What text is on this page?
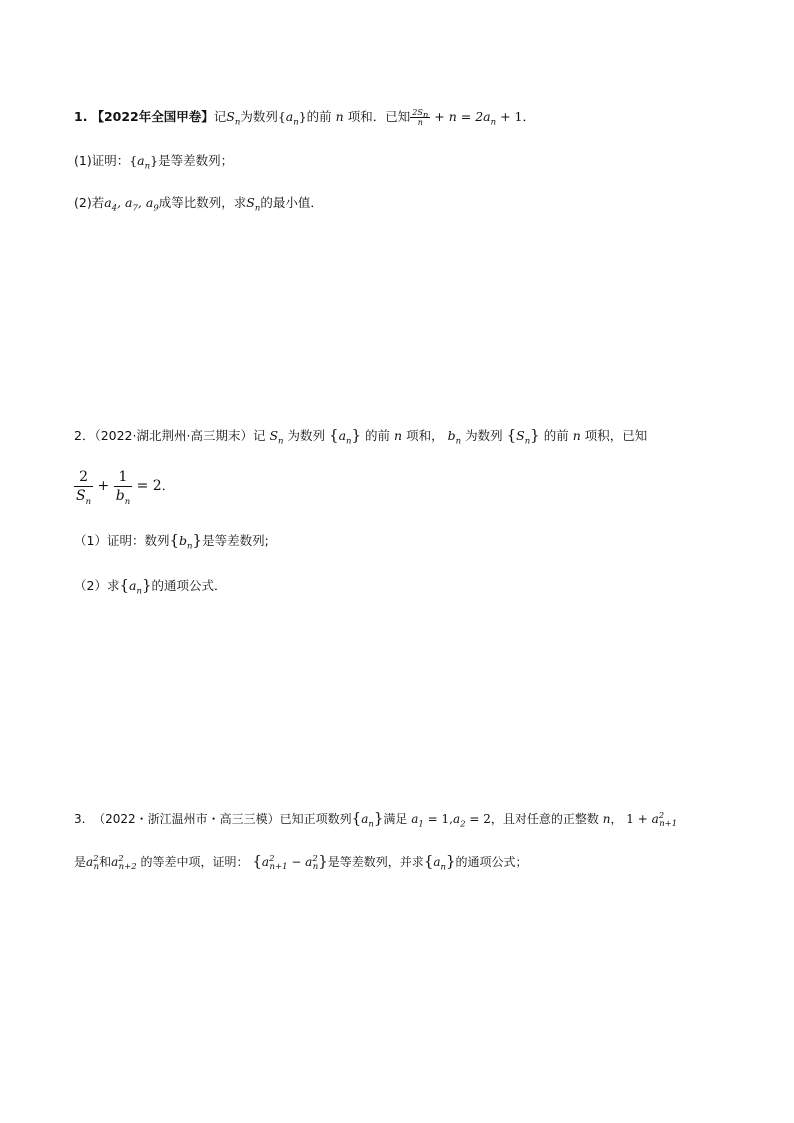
1. 【2022年全国甲卷】记$S_n$为数列$\{a_n\}$的前 n 项和．已知 $\frac{2S_n}{n} + n = 2a_n + 1$．
(1)证明：$\{a_n\}$是等差数列；
(2)若$a_4$, $a_7$, $a_9$成等比数列，求$S_n$的最小值．
2．（2022·湖北荆州·高三期末）记 $S_n$ 为数列 $\{a_n\}$ 的前 n 项和， $b_n$ 为数列 $\{S_n\}$ 的前 n 项积，已知
$\frac{2}{S_n} + \frac{1}{b_n} = 2$．
（1）证明：数列$\{b_n\}$是等差数列;
（2）求$\{a_n\}$的通项公式．
3. （2022・浙江温州市・高三三模）已知正项数列$\{a_n\}$满足 $a_1 = 1,a_2 = 2$，且对任意的正整数 n， $1 + a^2_{n+1}$
是$a^2_n$和$a^2_{n+2}$ 的等差中项，证明： $\{a^2_{n+1} - a^2_n\}$是等差数列，并求$\{a_n\}$的通项公式；
